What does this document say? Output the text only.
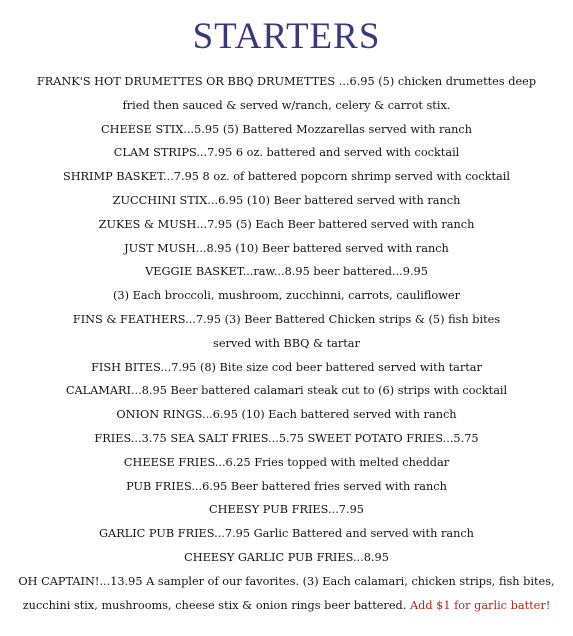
STARTERS
FRANK'S HOT DRUMETTES OR BBQ DRUMETTES ...6.95 (5) chicken drumettes deep
fried then sauced & served w/ranch, celery & carrot stix.
CHEESE STIX...5.95 (5) Battered Mozzarellas served with ranch
CLAM STRIPS...7.95 6 oz. battered and served with cocktail
SHRIMP BASKET...7.95 8 oz. of battered popcorn shrimp served with cocktail
ZUCCHINI STIX...6.95 (10) Beer battered served with ranch
ZUKES & MUSH...7.95 (5) Each Beer battered served with ranch
JUST MUSH...8.95 (10) Beer battered served with ranch
VEGGIE BASKET...raw...8.95 beer battered...9.95
(3) Each broccoli, mushroom, zucchinni, carrots, cauliflower
FINS & FEATHERS...7.95 (3) Beer Battered Chicken strips & (5) fish bites
served with BBQ & tartar
FISH BITES...7.95 (8) Bite size cod beer battered served with tartar
CALAMARI...8.95 Beer battered calamari steak cut to (6) strips with cocktail
ONION RINGS...6.95 (10) Each battered served with ranch
FRIES...3.75 SEA SALT FRIES...5.75 SWEET POTATO FRIES...5.75
CHEESE FRIES...6.25 Fries topped with melted cheddar
PUB FRIES...6.95 Beer battered fries served with ranch
CHEESY PUB FRIES...7.95
GARLIC PUB FRIES...7.95 Garlic Battered and served with ranch
CHEESY GARLIC PUB FRIES...8.95
OH CAPTAIN!...13.95 A sampler of our favorites. (3) Each calamari, chicken strips, fish bites,
zucchini stix, mushrooms, cheese stix & onion rings beer battered. Add $1 for garlic batter!
